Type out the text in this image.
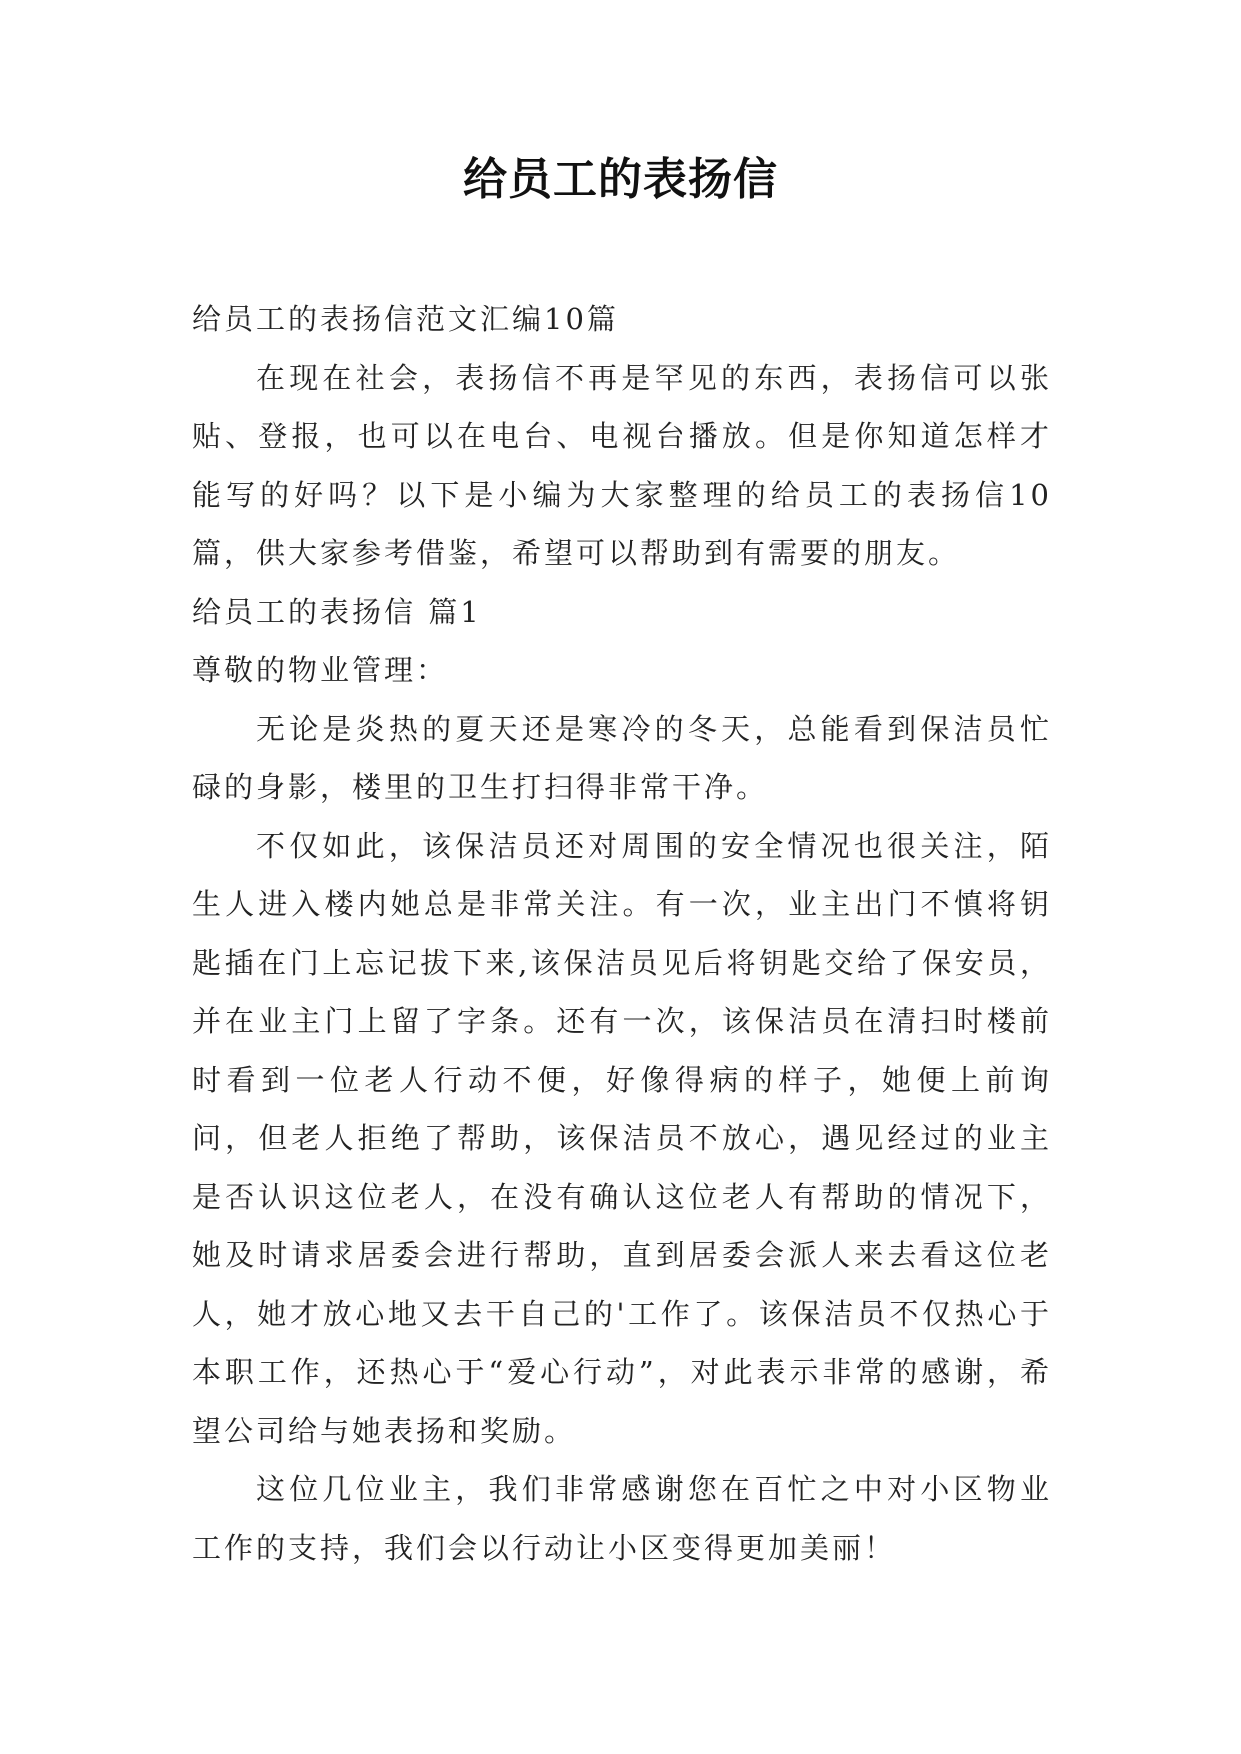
给员工的表扬信

给员工的表扬信范文汇编10篇

在现在社会，表扬信不再是罕见的东西，表扬信可以张贴、登报，也可以在电台、电视台播放。但是你知道怎样才能写的好吗？以下是小编为大家整理的给员工的表扬信10篇，供大家参考借鉴，希望可以帮助到有需要的朋友。

给员工的表扬信 篇1

尊敬的物业管理：

无论是炎热的夏天还是寒冷的冬天，总能看到保洁员忙碌的身影，楼里的卫生打扫得非常干净。

不仅如此，该保洁员还对周围的安全情况也很关注，陌生人进入楼内她总是非常关注。有一次，业主出门不慎将钥匙插在门上忘记拔下来,该保洁员见后将钥匙交给了保安员，并在业主门上留了字条。还有一次，该保洁员在清扫时楼前时看到一位老人行动不便，好像得病的样子，她便上前询问，但老人拒绝了帮助，该保洁员不放心，遇见经过的业主是否认识这位老人，在没有确认这位老人有帮助的情况下，她及时请求居委会进行帮助，直到居委会派人来去看这位老人，她才放心地又去干自己的'工作了。该保洁员不仅热心于本职工作，还热心于“爱心行动”，对此表示非常的感谢，希望公司给与她表扬和奖励。

这位几位业主，我们非常感谢您在百忙之中对小区物业工作的支持，我们会以行动让小区变得更加美丽！
